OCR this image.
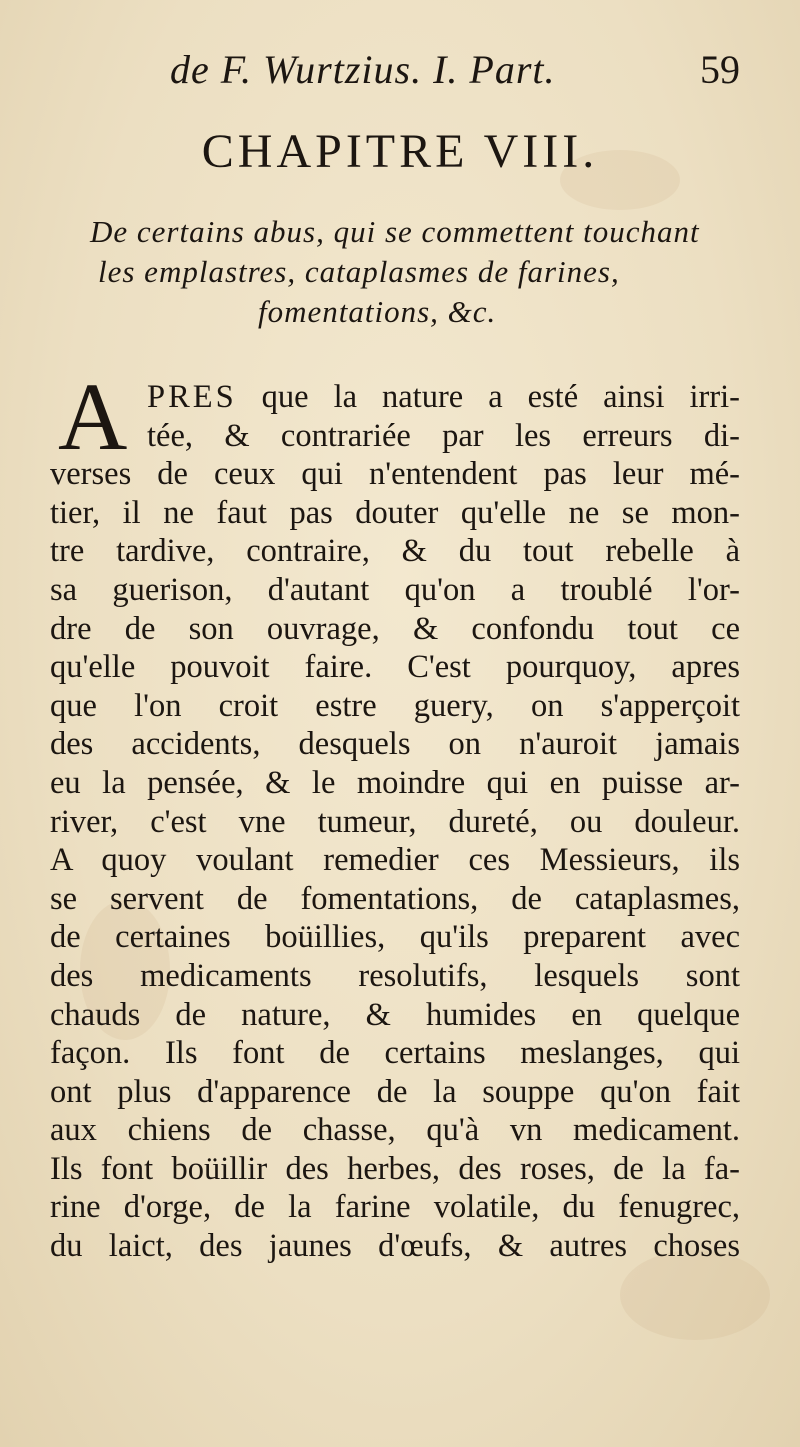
de F. Wurtzius. I. Part.	59
CHAPITRE VIII.
De certains abus, qui se commettent touchant
les emplastres, cataplasmes de farines,
fomentations, &c.
A PRES que la nature a esté ainsi irri-
tée, & contrariée par les erreurs di-
verses de ceux qui n'entendent pas leur mé-
tier, il ne faut pas douter qu'elle ne se mon-
tre tardive, contraire, & du tout rebelle à
sa guerison, d'autant qu'on a troublé l'or-
dre de son ouvrage, & confondu tout ce
qu'elle pouvoit faire. C'est pourquoy, apres
que l'on croit estre guery, on s'apperçoit
des accidents, desquels on n'auroit jamais
eu la pensée, & le moindre qui en puisse ar-
river, c'est vne tumeur, dureté, ou douleur.
A quoy voulant remedier ces Messieurs, ils
se servent de fomentations, de cataplasmes,
de certaines boüillies, qu'ils preparent avec
des medicaments resolutifs, lesquels sont
chauds de nature, & humides en quelque
façon. Ils font de certains meslanges, qui
ont plus d'apparence de la souppe qu'on fait
aux chiens de chasse, qu'à vn medicament.
Ils font boüillir des herbes, des roses, de la fa-
rine d'orge, de la farine volatile, du fenugrec,
du laict, des jaunes d'œufs, & autres choses
